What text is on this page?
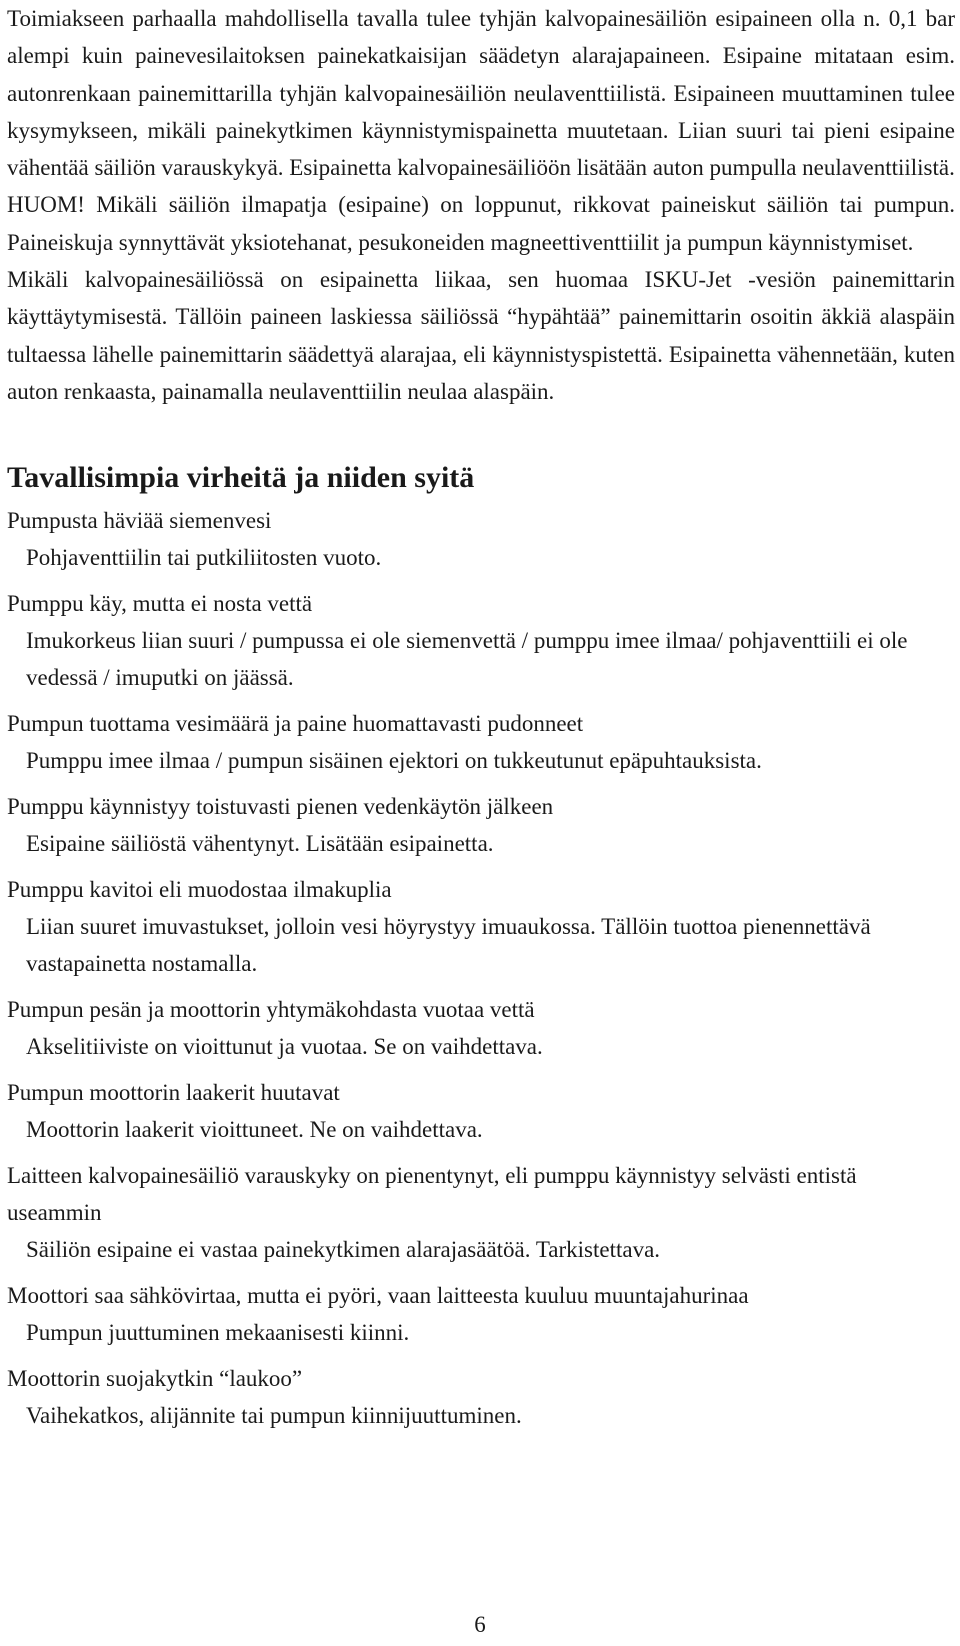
Toimiakseen parhaalla mahdollisella tavalla tulee tyhjän kalvopainesäiliön esipaineen olla n. 0,1 bar alempi kuin painevesilaitoksen painekatkaisijan säädetyn alarajapaineen. Esipaine mitataan esim. autonrenkaan painemittarilla tyhjän kalvopainesäiliön neulaventtiilistä. Esipaineen muuttaminen tulee kysymykseen, mikäli painekytkimen käynnistymispainetta muutetaan. Liian suuri tai pieni esipaine vähentää säiliön varauskykyä. Esipainetta kalvopainesäiliöön lisätään auton pumpulla neulaventtiilistä.

HUOM! Mikäli säiliön ilmapatja (esipaine) on loppunut, rikkovat paineiskut säiliön tai pumpun. Paineiskuja synnyttävät yksiotehanat, pesukoneiden magneettiventtiilit ja pumpun käynnistymiset.

Mikäli kalvopainesäiliössä on esipainetta liikaa, sen huomaa ISKU-Jet -vesiön painemittarin käyttäytymisestä. Tällöin paineen laskiessa säiliössä “hypähtää” painemittarin osoitin äkkiä alaspäin tultaessa lähelle painemittarin säädettyä alarajaa, eli käynnistyspistettä. Esipainetta vähennetään, kuten auton renkaasta, painamalla neulaventtiilin neulaa alaspäin.

Tavallisimpia virheitä ja niiden syitä

Pumpusta häviää siemenvesi

Pohjaventtiilin tai putkiliitosten vuoto.

Pumppu käy, mutta ei nosta vettä

Imukorkeus liian suuri / pumpussa ei ole siemenvettä / pumppu imee ilmaa/ pohjaventtiili ei ole vedessä / imuputki on jäässä.

Pumpun tuottama vesimäärä ja paine huomattavasti pudonneet

Pumppu imee ilmaa / pumpun sisäinen ejektori on tukkeutunut epäpuhtauksista.

Pumppu käynnistyy toistuvasti pienen vedenkäytön jälkeen

Esipaine säiliöstä vähentynyt. Lisätään esipainetta.

Pumppu kavitoi eli muodostaa ilmakuplia

Liian suuret imuvastukset, jolloin vesi höyrystyy imuaukossa. Tällöin tuottoa pienennettävä vastapainetta nostamalla.

Pumpun pesän ja moottorin yhtymäkohdasta vuotaa vettä

Akselitiiviste on vioittunut ja vuotaa. Se on vaihdettava.

Pumpun moottorin laakerit huutavat

Moottorin laakerit vioittuneet. Ne on vaihdettava.

Laitteen kalvopainesäiliö varauskyky on pienentynyt, eli pumppu käynnistyy selvästi entistä useammin

Säiliön esipaine ei vastaa painekytkimen alarajasäätöä. Tarkistettava.

Moottori saa sähkövirtaa, mutta ei pyöri, vaan laitteesta kuuluu muuntajahurinaa

Pumpun juuttuminen mekaanisesti kiinni.

Moottorin suojakytkin “laukoo”

Vaihekatkos, alijännite tai pumpun kiinnijuuttuminen.

6
